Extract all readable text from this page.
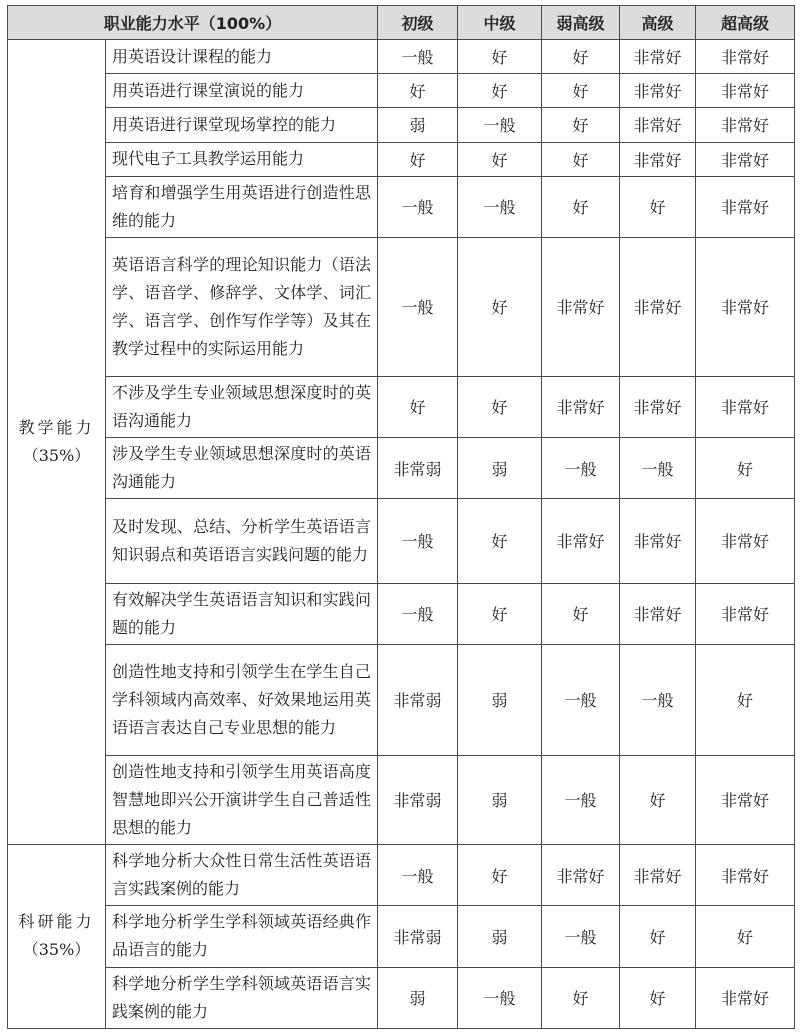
职业能力水平（100%）		初级	中级	弱高级	高级	超高级

教学能力
（35%）	用英语设计课程的能力	一般	好	好	非常好	非常好
	用英语进行课堂演说的能力	好	好	好	非常好	非常好
	用英语进行课堂现场掌控的能力	弱	一般	好	非常好	非常好
	现代电子工具教学运用能力	好	好	好	非常好	非常好
	培育和增强学生用英语进行创造性思维的能力	一般	一般	好	好	非常好
	英语语言科学的理论知识能力（语法学、语音学、修辞学、文体学、词汇学、语言学、创作写作学等）及其在教学过程中的实际运用能力	一般	好	非常好	非常好	非常好
	不涉及学生专业领域思想深度时的英语沟通能力	好	好	非常好	非常好	非常好
	涉及学生专业领域思想深度时的英语沟通能力	非常弱	弱	一般	一般	好
	及时发现、总结、分析学生英语语言知识弱点和英语语言实践问题的能力	一般	好	非常好	非常好	非常好
	有效解决学生英语语言知识和实践问题的能力	一般	好	好	非常好	非常好
	创造性地支持和引领学生在学生自己学科领域内高效率、好效果地运用英语语言表达自己专业思想的能力	非常弱	弱	一般	一般	好
	创造性地支持和引领学生用英语高度智慧地即兴公开演讲学生自己普适性思想的能力	非常弱	弱	一般	好	非常好

科研能力
（35%）	科学地分析大众性日常生活性英语语言实践案例的能力	一般	好	非常好	非常好	非常好
	科学地分析学生学科领域英语经典作品语言的能力	非常弱	弱	一般	好	好
	科学地分析学生学科领域英语语言实践案例的能力	弱	一般	好	好	非常好
